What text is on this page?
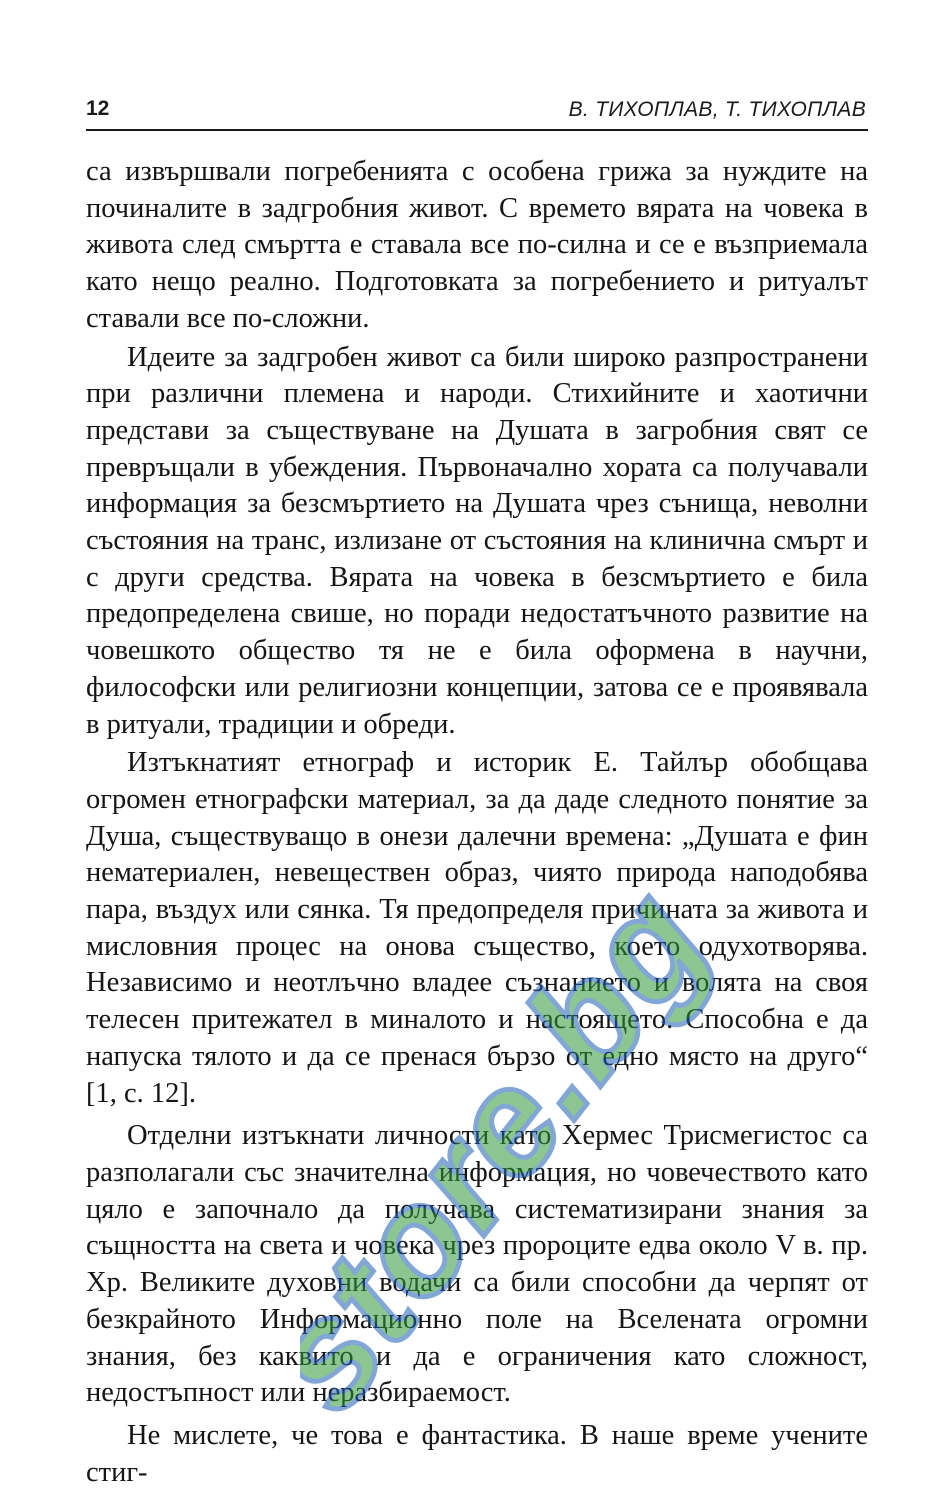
12	В. ТИХОПЛАВ, Т. ТИХОПЛАВ

са извършвали погребенията с особена грижа за нуждите на починалите в задгробния живот. С времето вярата на човека в живота след смъртта е ставала все по-силна и се е възприемала като нещо реално. Подготовката за погребението и ритуалът ставали все по-сложни.

Идеите за задгробен живот са били широко разпространени при различни племена и народи. Стихийните и хаотични представи за съществуване на Душата в загробния свят се превръщали в убеждения. Първоначално хората са получавали информация за безсмъртието на Душата чрез сънища, неволни състояния на транс, излизане от състояния на клинична смърт и с други средства. Вярата на човека в безсмъртието е била предопределена свише, но поради недостатъчното развитие на човешкото общество тя не е била оформена в научни, философски или религиозни концепции, затова се е проявявала в ритуали, традиции и обреди.

Изтъкнатият етнограф и историк Е. Тайлър обобщава огромен етнографски материал, за да даде следното понятие за Душа, съществуващо в онези далечни времена: „Душата е фин нематериален, невеществен образ, чиято природа наподобява пара, въздух или сянка. Тя предопределя причината за живота и мисловния процес на онова същество, което одухотворява. Независимо и неотлъчно владее съзнанието и волята на своя телесен притежател в миналото и настоящето. Способна е да напуска тялото и да се пренася бързо от едно място на друго“ [1, с. 12].

Отделни изтъкнати личности като Хермес Трисмегистос са разполагали със значителна информация, но човечеството като цяло е започнало да получава систематизирани знания за същността на света и човека чрез пророците едва около V в. пр. Хр. Великите духовни водачи са били способни да черпят от безкрайното Информационно поле на Вселената огромни знания, без каквито и да е ограничения като сложност, недостъпност или неразбираемост.

Не мислете, че това е фантастика. В наше време учените стиг-

store.bg
